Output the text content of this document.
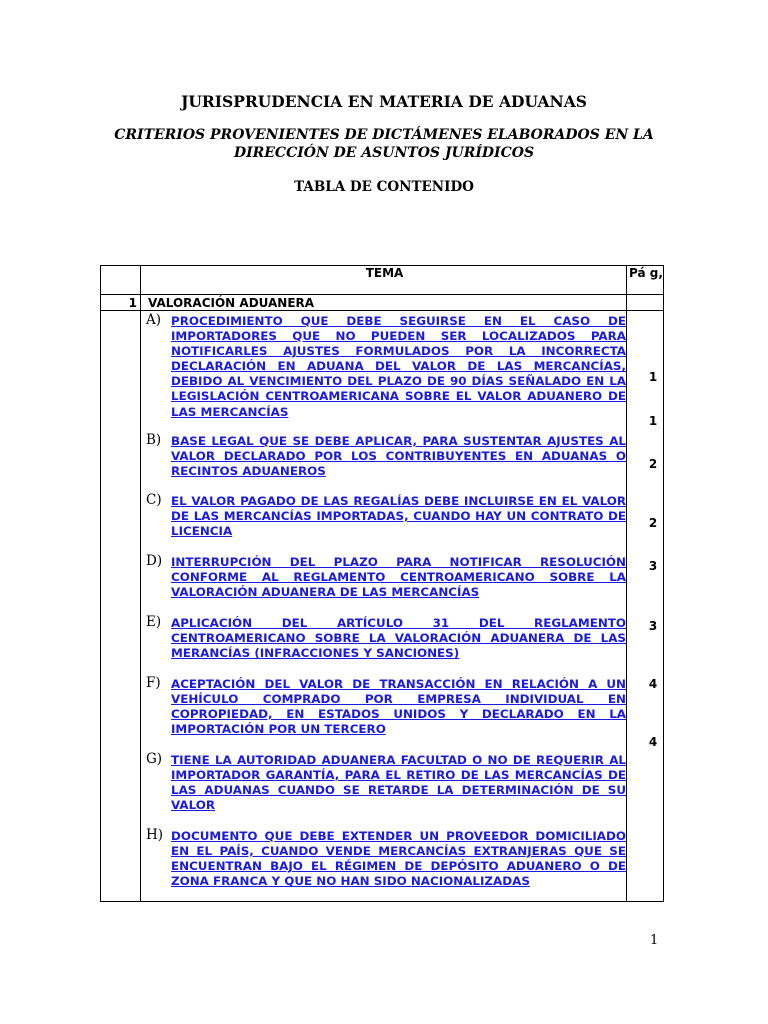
JURISPRUDENCIA EN MATERIA DE ADUANAS
CRITERIOS PROVENIENTES DE DICTÁMENES ELABORADOS EN LA DIRECCIÓN DE ASUNTOS JURÍDICOS
TABLA DE CONTENIDO
TEMA	Pá g,
1 VALORACIÓN ADUANERA
A) PROCEDIMIENTO QUE DEBE SEGUIRSE EN EL CASO DE IMPORTADORES QUE NO PUEDEN SER LOCALIZADOS PARA NOTIFICARLES AJUSTES FORMULADOS POR LA INCORRECTA DECLARACIÓN EN ADUANA DEL VALOR DE LAS MERCANCÍAS, DEBIDO AL VENCIMIENTO DEL PLAZO DE 90 DÍAS SEÑALADO EN LA LEGISLACIÓN CENTROAMERICANA SOBRE EL VALOR ADUANERO DE LAS MERCANCÍAS
B) BASE LEGAL QUE SE DEBE APLICAR, PARA SUSTENTAR AJUSTES AL VALOR DECLARADO POR LOS CONTRIBUYENTES EN ADUANAS O RECINTOS ADUANEROS
C) EL VALOR PAGADO DE LAS REGALÍAS DEBE INCLUIRSE EN EL VALOR DE LAS MERCANCÍAS IMPORTADAS, CUANDO HAY UN CONTRATO DE LICENCIA
D) INTERRUPCIÓN DEL PLAZO PARA NOTIFICAR RESOLUCIÓN CONFORME AL REGLAMENTO CENTROAMERICANO SOBRE LA VALORACIÓN ADUANERA DE LAS MERCANCÍAS
E) APLICACIÓN DEL ARTÍCULO 31 DEL REGLAMENTO CENTROAMERICANO SOBRE LA VALORACIÓN ADUANERA DE LAS MERANCÍAS (INFRACCIONES Y SANCIONES)
F) ACEPTACIÓN DEL VALOR DE TRANSACCIÓN EN RELACIÓN A UN VEHÍCULO COMPRADO POR EMPRESA INDIVIDUAL EN COPROPIEDAD, EN ESTADOS UNIDOS Y DECLARADO EN LA IMPORTACIÓN POR UN TERCERO
G) TIENE LA AUTORIDAD ADUANERA FACULTAD O NO DE REQUERIR AL IMPORTADOR GARANTÍA, PARA EL RETIRO DE LAS MERCANCÍAS DE LAS ADUANAS CUANDO SE RETARDE LA DETERMINACIÓN DE SU VALOR
H) DOCUMENTO QUE DEBE EXTENDER UN PROVEEDOR DOMICILIADO EN EL PAÍS, CUANDO VENDE MERCANCÍAS EXTRANJERAS QUE SE ENCUENTRAN BAJO EL RÉGIMEN DE DEPÓSITO ADUANERO O DE ZONA FRANCA Y QUE NO HAN SIDO NACIONALIZADAS
1
1
2
2
3
3
4
4
1
